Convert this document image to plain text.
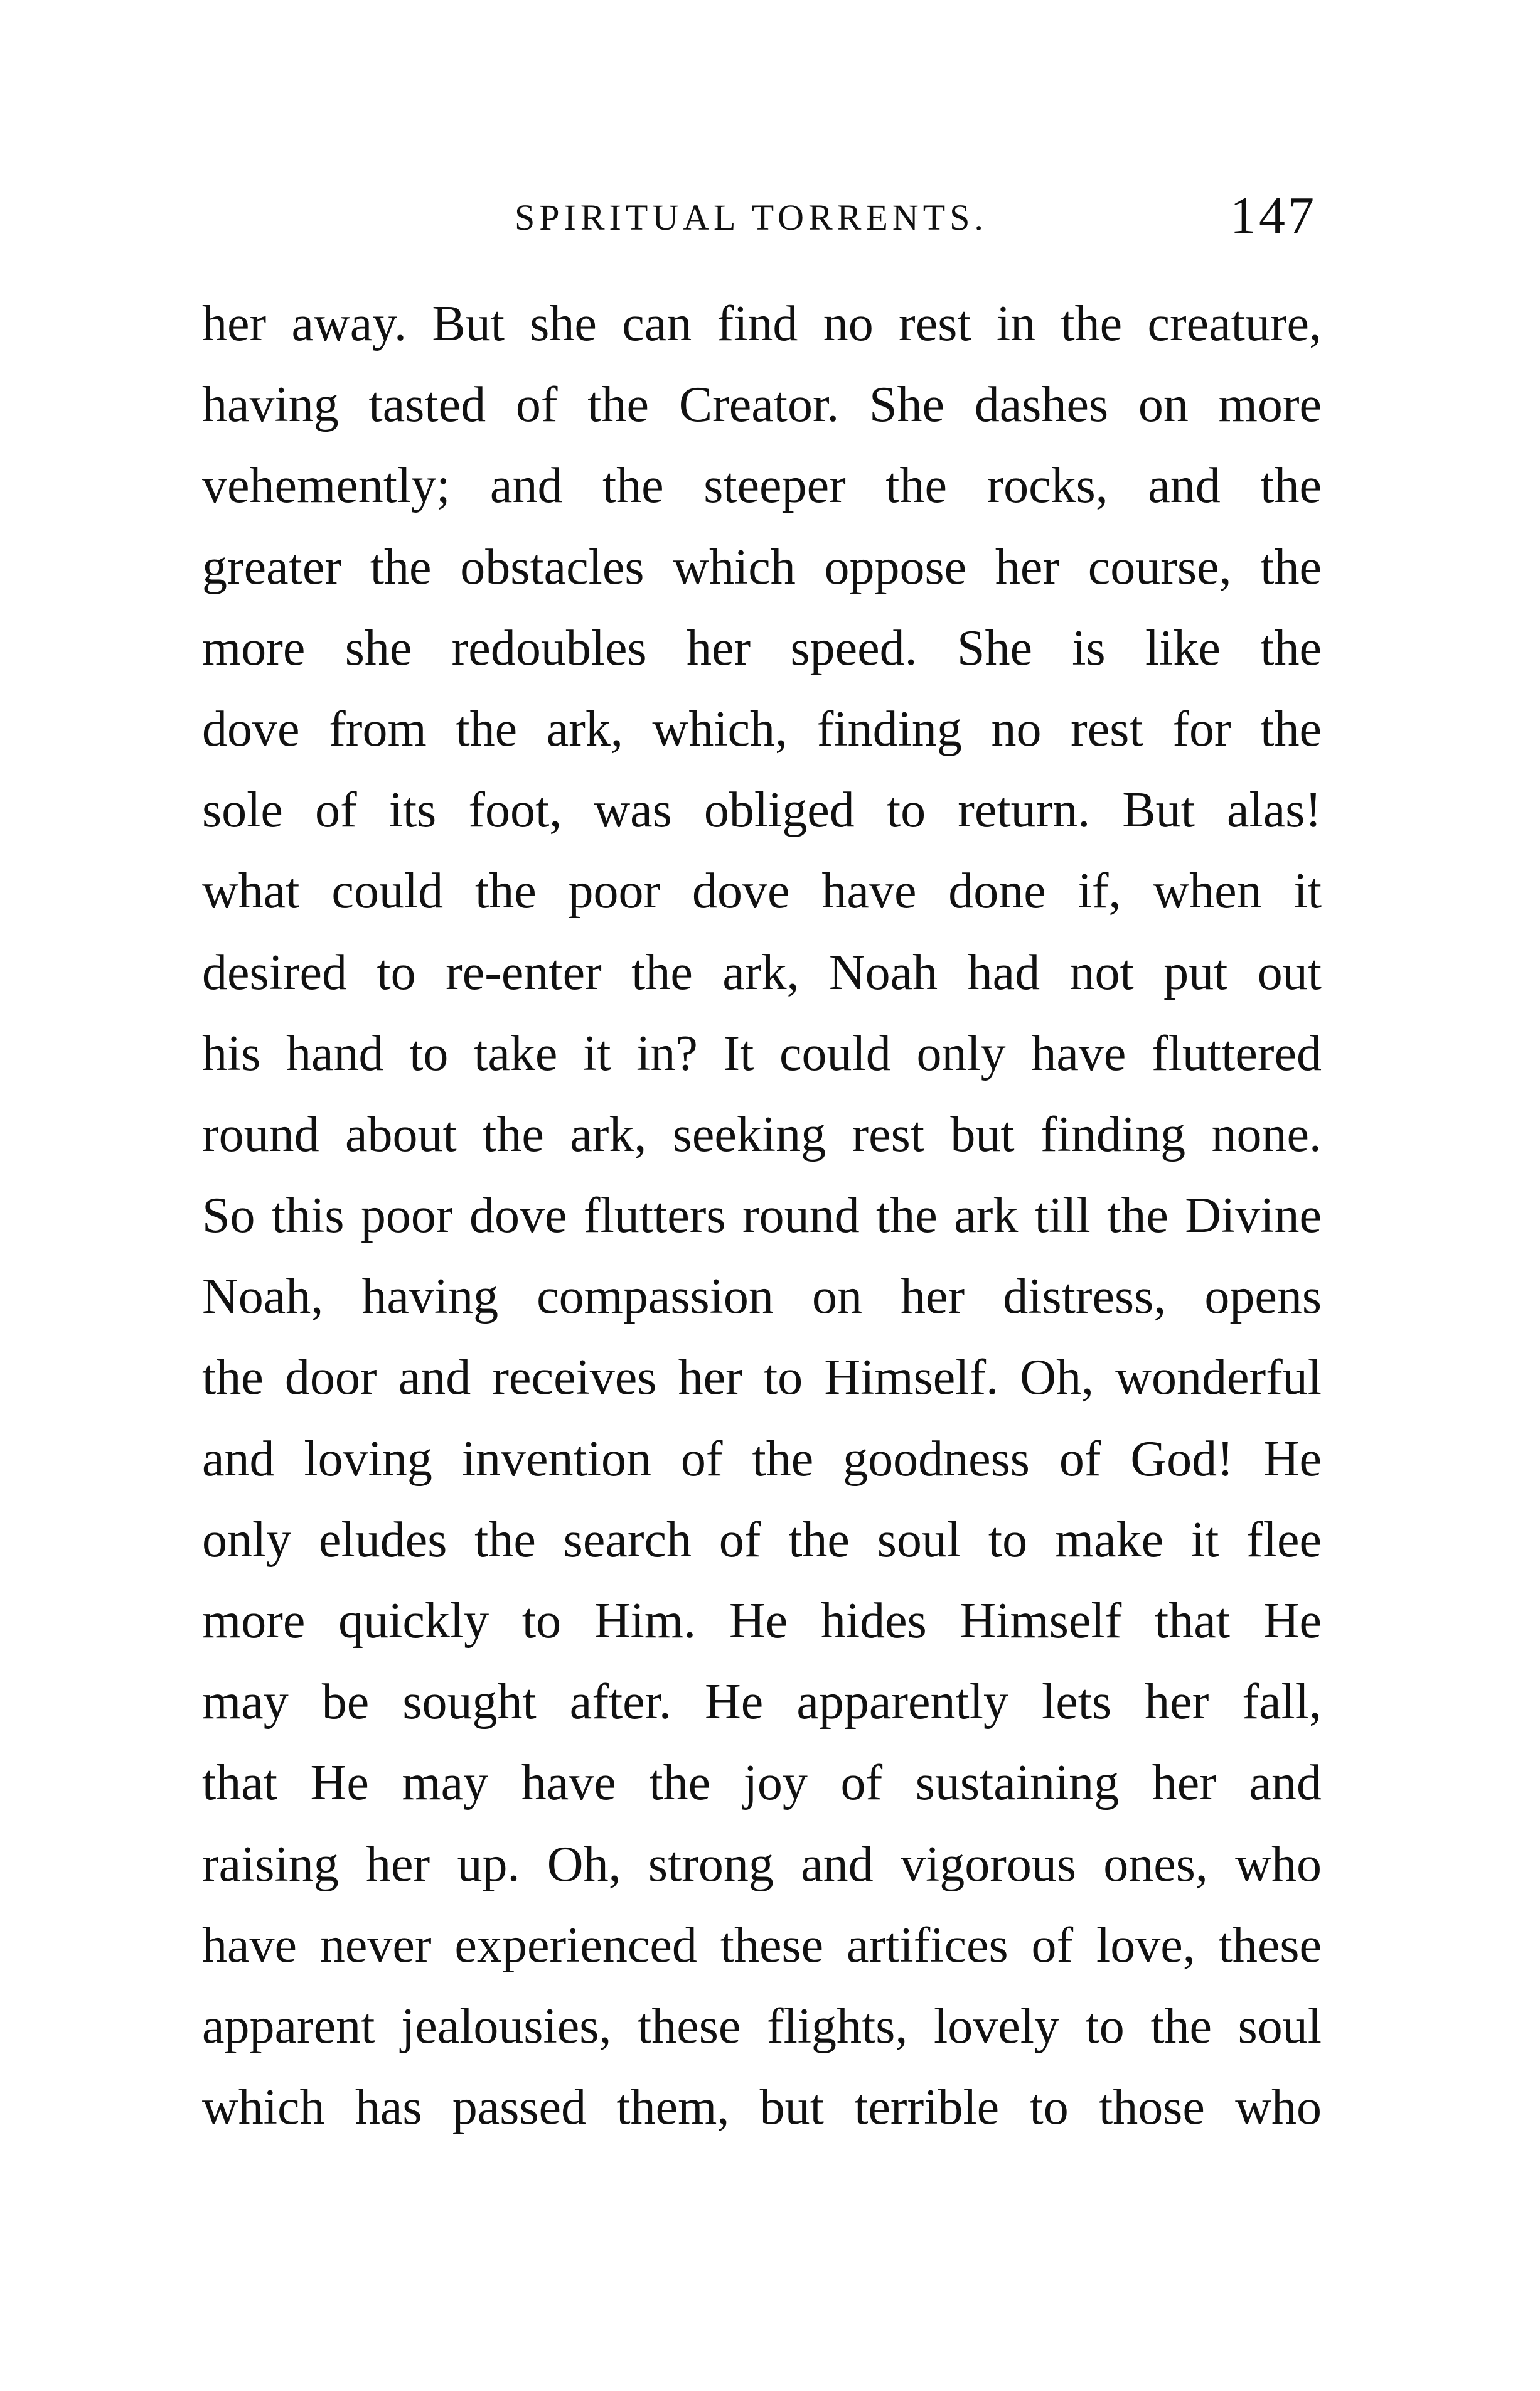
SPIRITUAL TORRENTS.	147
her away. But she can find no rest in the creature,
having tasted of the Creator. She dashes on more
vehemently; and the steeper the rocks, and the
greater the obstacles which oppose her course, the
more she redoubles her speed. She is like the
dove from the ark, which, finding no rest for the
sole of its foot, was obliged to return. But alas!
what could the poor dove have done if, when it
desired to re-enter the ark, Noah had not put out
his hand to take it in? It could only have fluttered
round about the ark, seeking rest but finding none.
So this poor dove flutters round the ark till the Divine
Noah, having compassion on her distress, opens
the door and receives her to Himself. Oh, wonderful
and loving invention of the goodness of God! He
only eludes the search of the soul to make it flee
more quickly to Him. He hides Himself that He
may be sought after. He apparently lets her fall,
that He may have the joy of sustaining her and
raising her up. Oh, strong and vigorous ones, who
have never experienced these artifices of love, these
apparent jealousies, these flights, lovely to the soul
which has passed them, but terrible to those who
